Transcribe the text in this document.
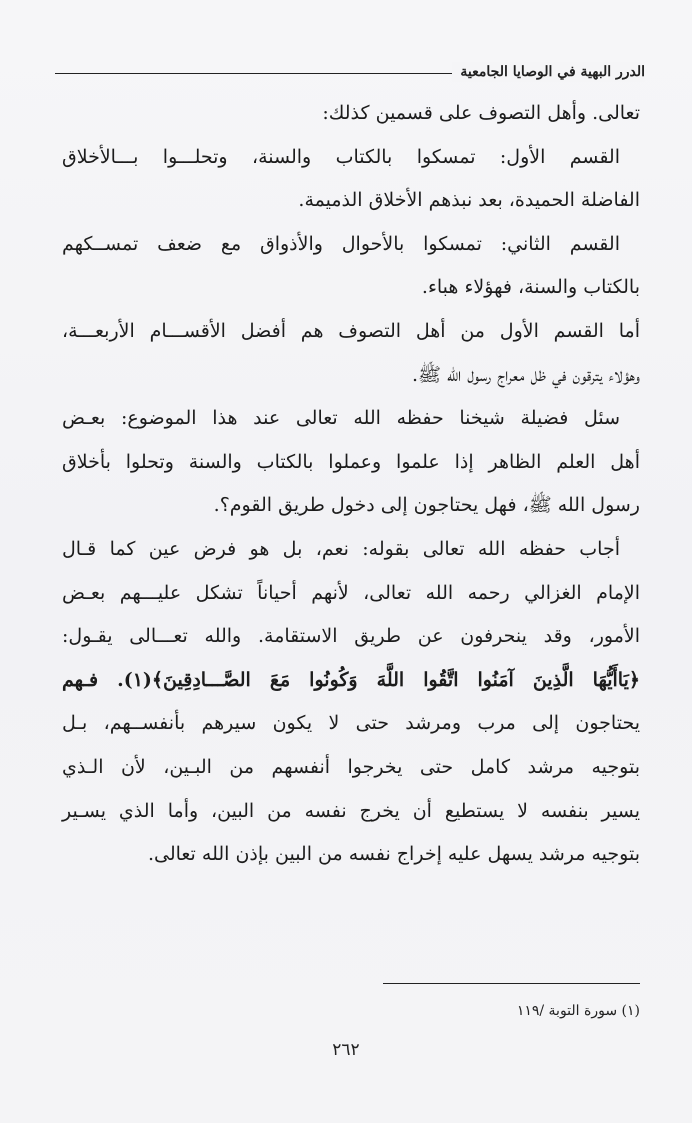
الدرر البهية في الوصايا الجامعية
تعالى. وأهل التصوف على قسمين كذلك:
القسم الأول: تمسكوا بالكتاب والسنة، وتحلـــوا بـــالأخلاق
الفاضلة الحميدة، بعد نبذهم الأخلاق الذميمة.
القسم الثاني: تمسكوا بالأحوال والأذواق مع ضعف تمســكهم
بالكتاب والسنة، فهؤلاء هباء.
أما القسم الأول من أهل التصوف هم أفضل الأقســـام الأربعـــة،
وهؤلاء يترقون في ظل معراج رسول الله ﷺ.
سئل فضيلة شيخنا حفظه الله تعالى عند هذا الموضوع: بعـض
أهل العلم الظاهر إذا علموا وعملوا بالكتاب والسنة وتحلوا بأخلاق
رسول الله ﷺ، فهل يحتاجون إلى دخول طريق القوم؟.
أجاب حفظه الله تعالى بقوله: نعم، بل هو فرض عين كما قـال
الإمام الغزالي رحمه الله تعالى، لأنهم أحياناً تشكل عليـــهم بعـض
الأمور، وقد ينحرفون عن طريق الاستقامة. والله تعـــالى يقـول:
﴿يَاأَيُّهَا الَّذِينَ آمَنُوا اتَّقُوا اللَّهَ وَكُونُوا مَعَ الصَّـــادِقِينَ﴾(١). فـهم
يحتاجون إلى مرب ومرشد حتى لا يكون سيرهم بأنفســهم، بـل
بتوجيه مرشد كامل حتى يخرجوا أنفسهم من البـين، لأن الـذي
يسير بنفسه لا يستطيع أن يخرج نفسه من البين، وأما الذي يسـير
بتوجيه مرشد يسهل عليه إخراج نفسه من البين بإذن الله تعالى.
(١) سورة التوبة /١١٩
٢٦٢
